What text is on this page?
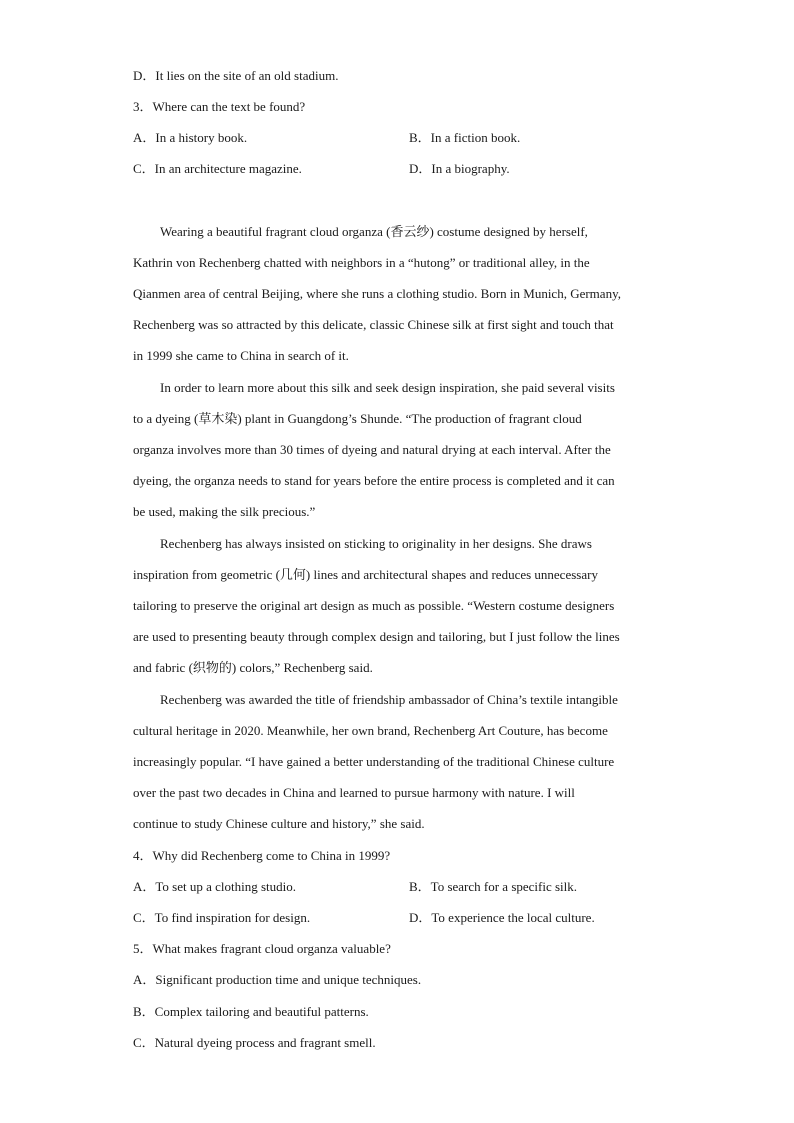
D．It lies on the site of an old stadium.
3．Where can the text be found?
A．In a history book.	B．In a fiction book.
C．In an architecture magazine.	D．In a biography.
Wearing a beautiful fragrant cloud organza (香云纱) costume designed by herself,
Kathrin von Rechenberg chatted with neighbors in a “hutong” or traditional alley, in the
Qianmen area of central Beijing, where she runs a clothing studio. Born in Munich, Germany,
Rechenberg was so attracted by this delicate, classic Chinese silk at first sight and touch that
in 1999 she came to China in search of it.
In order to learn more about this silk and seek design inspiration, she paid several visits
to a dyeing (草木染) plant in Guangdong’s Shunde. “The production of fragrant cloud
organza involves more than 30 times of dyeing and natural drying at each interval. After the
dyeing, the organza needs to stand for years before the entire process is completed and it can
be used, making the silk precious.”
Rechenberg has always insisted on sticking to originality in her designs. She draws
inspiration from geometric (几何) lines and architectural shapes and reduces unnecessary
tailoring to preserve the original art design as much as possible. “Western costume designers
are used to presenting beauty through complex design and tailoring, but I just follow the lines
and fabric (织物的) colors,” Rechenberg said.
Rechenberg was awarded the title of friendship ambassador of China’s textile intangible
cultural heritage in 2020. Meanwhile, her own brand, Rechenberg Art Couture, has become
increasingly popular. “I have gained a better understanding of the traditional Chinese culture
over the past two decades in China and learned to pursue harmony with nature. I will
continue to study Chinese culture and history,” she said.
4．Why did Rechenberg come to China in 1999?
A．To set up a clothing studio.	B．To search for a specific silk.
C．To find inspiration for design.	D．To experience the local culture.
5．What makes fragrant cloud organza valuable?
A．Significant production time and unique techniques.
B．Complex tailoring and beautiful patterns.
C．Natural dyeing process and fragrant smell.
